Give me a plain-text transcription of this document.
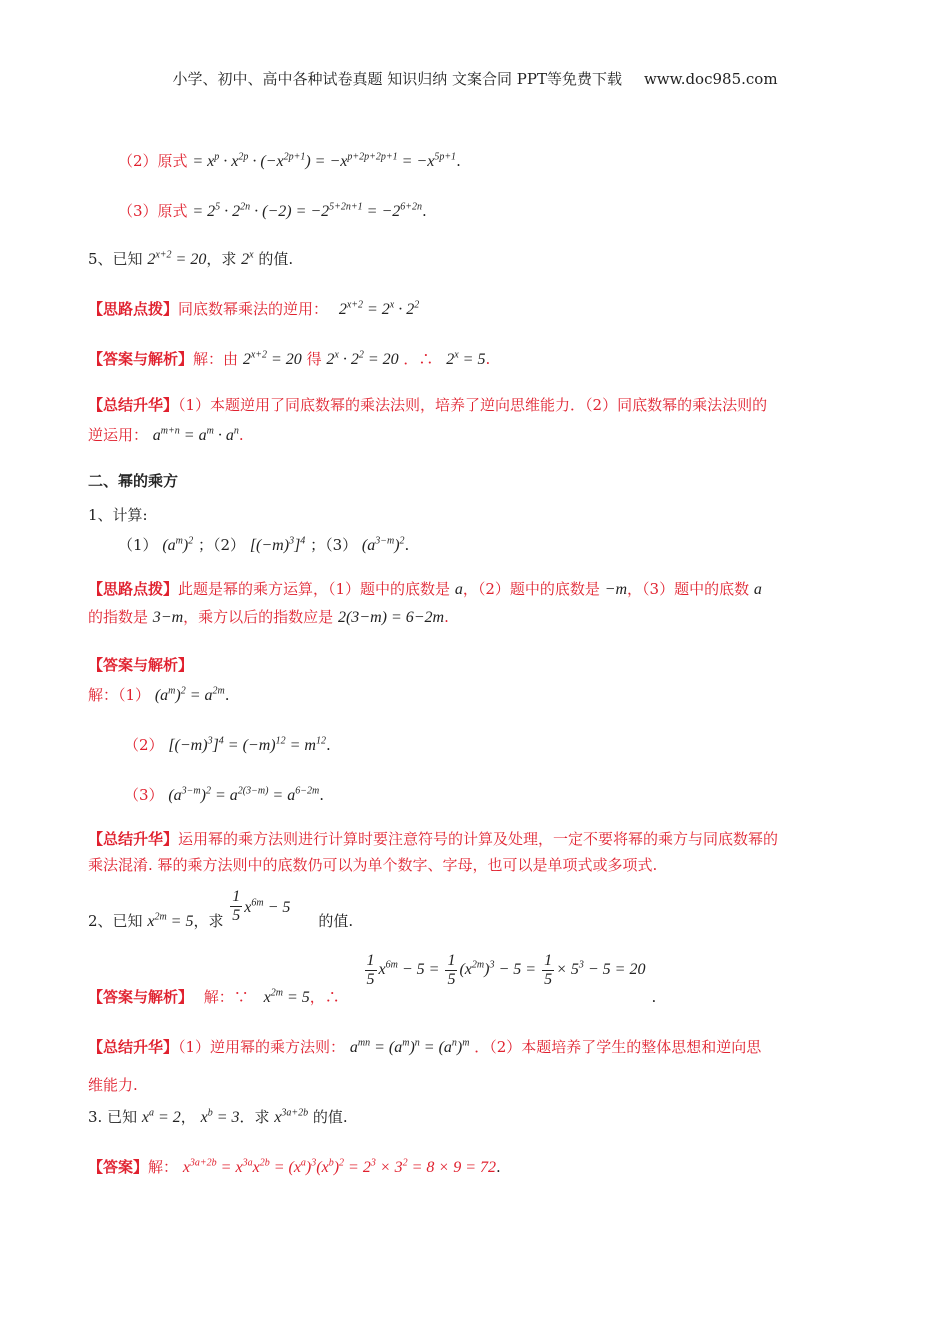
小学、初中、高中各种试卷真题 知识归纳 文案合同 PPT等免费下载 www.doc985.com
（2）原式 = $x^p \cdot x^{2p} \cdot (-x^{2p+1}) = -x^{p+2p+2p+1} = -x^{5p+1}$.
（3）原式 = $2^5 \cdot 2^{2n} \cdot (-2) = -2^{5+2n+1} = -2^{6+2n}$.
5、已知 $2^{x+2} = 20$，求 2$^x$ 的值.
【思路点拨】同底数幂乘法的逆用： $2^{x+2} = 2^x \cdot 2^2$
【答案与解析】解：由 $2^{x+2} = 20$ 得 $2^x \cdot 2^2 = 20$ ．∴ $2^x = 5$.
【总结升华】（1）本题逆用了同底数幂的乘法法则，培养了逆向思维能力．（2）同底数幂的乘法法则的
逆运用： $a^{m+n} = a^m \cdot a^n$.
二、幂的乘方
1、计算:
（1） $(a^m)^2$ ；（2） $[(-m)^3]^4$ ；（3） $(a^{3-m})^2$.
【思路点拨】此题是幂的乘方运算，（1）题中的底数是 a，（2）题中的底数是 −m，（3）题中的底数 a
的指数是 3−m，乘方以后的指数应是 2(3−m) = 6−2m.
【答案与解析】
解：（1） $(a^m)^2 = a^{2m}$.
（2） $[(-m)^3]^4 = (-m)^{12} = m^{12}$.
（3） $(a^{3-m})^2 = a^{2(3-m)} = a^{6-2m}$.
【总结升华】运用幂的乘方法则进行计算时要注意符号的计算及处理，一定不要将幂的乘方与同底数幂的
乘法混淆. 幂的乘方法则中的底数仍可以为单个数字、字母，也可以是单项式或多项式.
2、已知 $x^{2m} = 5$，求 $\frac{1}{5} x^{6m} - 5$ 的值.
【答案与解析】 解：∵ $x^{2m} = 5$，∴
$\frac{1}{5} x^{6m} - 5 = \frac{1}{5} (x^{2m})^3 - 5 = \frac{1}{5} \times 5^3 - 5 = 20$ .
【总结升华】（1）逆用幂的乘方法则： $a^{mn} = (a^m)^n = (a^n)^m$ ．（2）本题培养了学生的整体思想和逆向思
维能力.
3. 已知 $x^a = 2$， $x^b = 3$．求 $x^{3a+2b}$ 的值.
【答案】解： $x^{3a+2b} = x^{3a}x^{2b} = (x^a)^3(x^b)^2 = 2^3 \times 3^2 = 8 \times 9 = 72$.
